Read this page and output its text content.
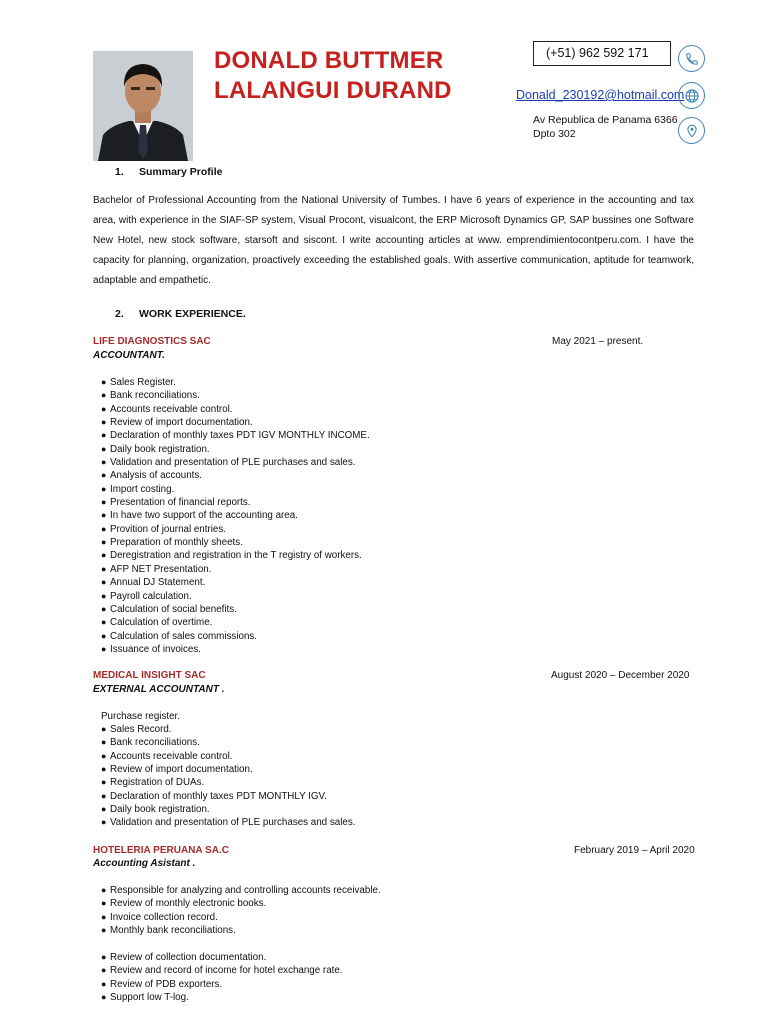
DONALD BUTTMER
LALANGUI DURAND
(+51) 962 592 171
Donald_230192@hotmail.com
Av Republica de Panama 6366
Dpto 302
1. Summary Profile
Bachelor of Professional Accounting from the National University of Tumbes. I have 6 years of experience in the accounting and tax area, with experience in the SIAF-SP system, Visual Procont, visualcont, the ERP Microsoft Dynamics GP, SAP bussines one Software New Hotel, new stock software, starsoft and siscont. I write accounting articles at www. emprendimientocontperu.com. I have the capacity for planning, organization, proactively exceeding the established goals. With assertive communication, aptitude for teamwork, adaptable and empathetic.
2. WORK EXPERIENCE.
LIFE DIAGNOSTICS SAC
ACCOUNTANT.
May 2021 – present.
● Sales Register.
● Bank reconciliations.
● Accounts receivable control.
● Review of import documentation.
● Declaration of monthly taxes PDT IGV MONTHLY INCOME.
● Daily book registration.
● Validation and presentation of PLE purchases and sales.
● Analysis of accounts.
● Import costing.
● Presentation of financial reports.
● In have two support of the accounting area.
● Provition of journal entries.
● Preparation of monthly sheets.
● Deregistration and registration in the T registry of workers.
● AFP NET Presentation.
● Annual DJ Statement.
● Payroll calculation.
● Calculation of social benefits.
● Calculation of overtime.
● Calculation of sales commissions.
● Issuance of invoices.
MEDICAL INSIGHT SAC
EXTERNAL ACCOUNTANT .
August 2020 – December 2020
Purchase register.
● Sales Record.
● Bank reconciliations.
● Accounts receivable control.
● Review of import documentation.
● Registration of DUAs.
● Declaration of monthly taxes PDT MONTHLY IGV.
● Daily book registration.
● Validation and presentation of PLE purchases and sales.
HOTELERIA PERUANA SA.C
Accounting Asistant .
February 2019 – April 2020
● Responsible for analyzing and controlling accounts receivable.
● Review of monthly electronic books.
● Invoice collection record.
● Monthly bank reconciliations.
● Review of collection documentation.
● Review and record of income for hotel exchange rate.
● Review of PDB exporters.
● Support low T-log.
